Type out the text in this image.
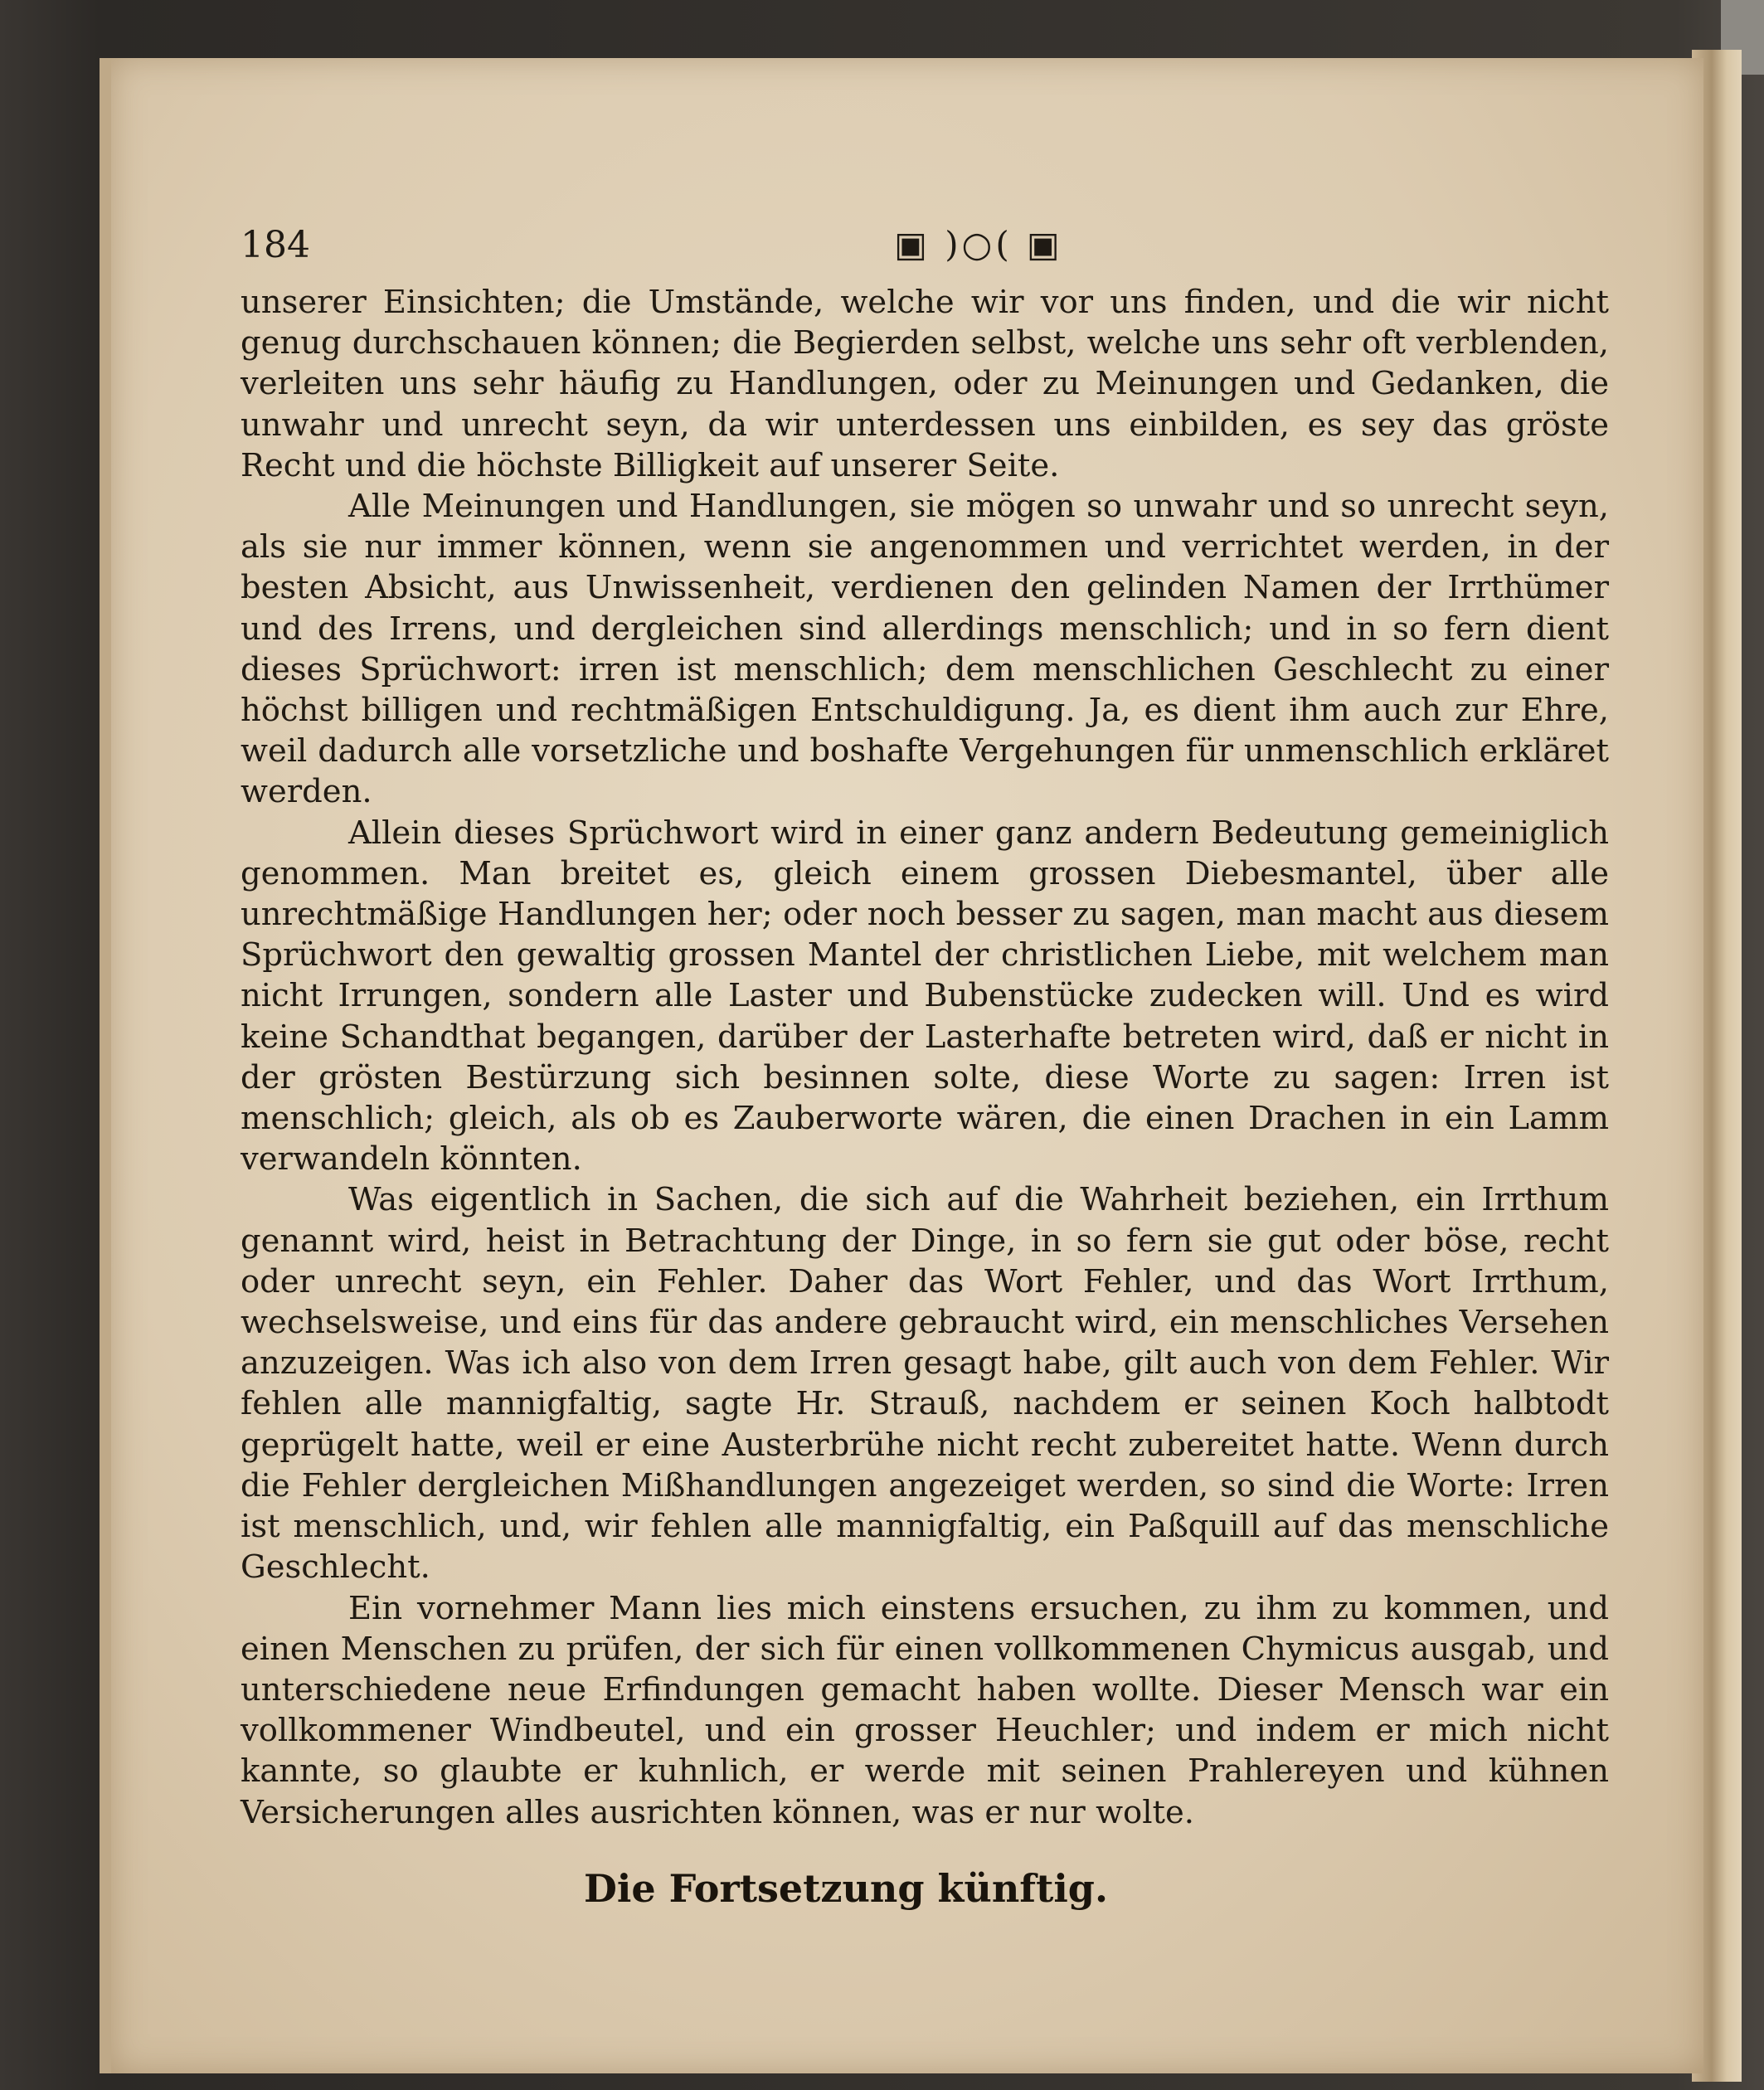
184	▣ )○( ▣

unserer Einsichten; die Umstände, welche wir vor uns finden, und die wir nicht genug durchschauen können; die Begierden selbst, welche uns sehr oft verblenden, verleiten uns sehr häufig zu Handlungen, oder zu Meinungen und Gedanken, die unwahr und unrecht seyn, da wir unterdessen uns einbilden, es sey das gröste Recht und die höchste Billigkeit auf unserer Seite.

Alle Meinungen und Handlungen, sie mögen so unwahr und so unrecht seyn, als sie nur immer können, wenn sie angenommen und verrichtet werden, in der besten Absicht, aus Unwissenheit, verdienen den gelinden Namen der Irrthümer und des Irrens, und dergleichen sind allerdings menschlich; und in so fern dient dieses Sprüchwort: irren ist menschlich; dem menschlichen Geschlecht zu einer höchst billigen und rechtmäßigen Entschuldigung. Ja, es dient ihm auch zur Ehre, weil dadurch alle vorsetzliche und boshafte Vergehungen für unmenschlich erkläret werden.

Allein dieses Sprüchwort wird in einer ganz andern Bedeutung gemeiniglich genommen. Man breitet es, gleich einem grossen Diebesmantel, über alle unrechtmäßige Handlungen her; oder noch besser zu sagen, man macht aus diesem Sprüchwort den gewaltig grossen Mantel der christlichen Liebe, mit welchem man nicht Irrungen, sondern alle Laster und Bubenstücke zudecken will. Und es wird keine Schandthat begangen, darüber der Lasterhafte betreten wird, daß er nicht in der grösten Bestürzung sich besinnen solte, diese Worte zu sagen: Irren ist menschlich; gleich, als ob es Zauberworte wären, die einen Drachen in ein Lamm verwandeln könnten.

Was eigentlich in Sachen, die sich auf die Wahrheit beziehen, ein Irrthum genannt wird, heist in Betrachtung der Dinge, in so fern sie gut oder böse, recht oder unrecht seyn, ein Fehler. Daher das Wort Fehler, und das Wort Irrthum, wechselsweise, und eins für das andere gebraucht wird, ein menschliches Versehen anzuzeigen. Was ich also von dem Irren gesagt habe, gilt auch von dem Fehler. Wir fehlen alle mannigfaltig, sagte Hr. Strauß, nachdem er seinen Koch halbtodt geprügelt hatte, weil er eine Austerbrühe nicht recht zubereitet hatte. Wenn durch die Fehler dergleichen Mißhandlungen angezeiget werden, so sind die Worte: Irren ist menschlich, und, wir fehlen alle mannigfaltig, ein Paßquill auf das menschliche Geschlecht.

Ein vornehmer Mann lies mich einstens ersuchen, zu ihm zu kommen, und einen Menschen zu prüfen, der sich für einen vollkommenen Chymicus ausgab, und unterschiedene neue Erfindungen gemacht haben wollte. Dieser Mensch war ein vollkommener Windbeutel, und ein grosser Heuchler; und indem er mich nicht kannte, so glaubte er kuhnlich, er werde mit seinen Prahlereyen und kühnen Versicherungen alles ausrichten können, was er nur wolte.

Die Fortsetzung künftig.
